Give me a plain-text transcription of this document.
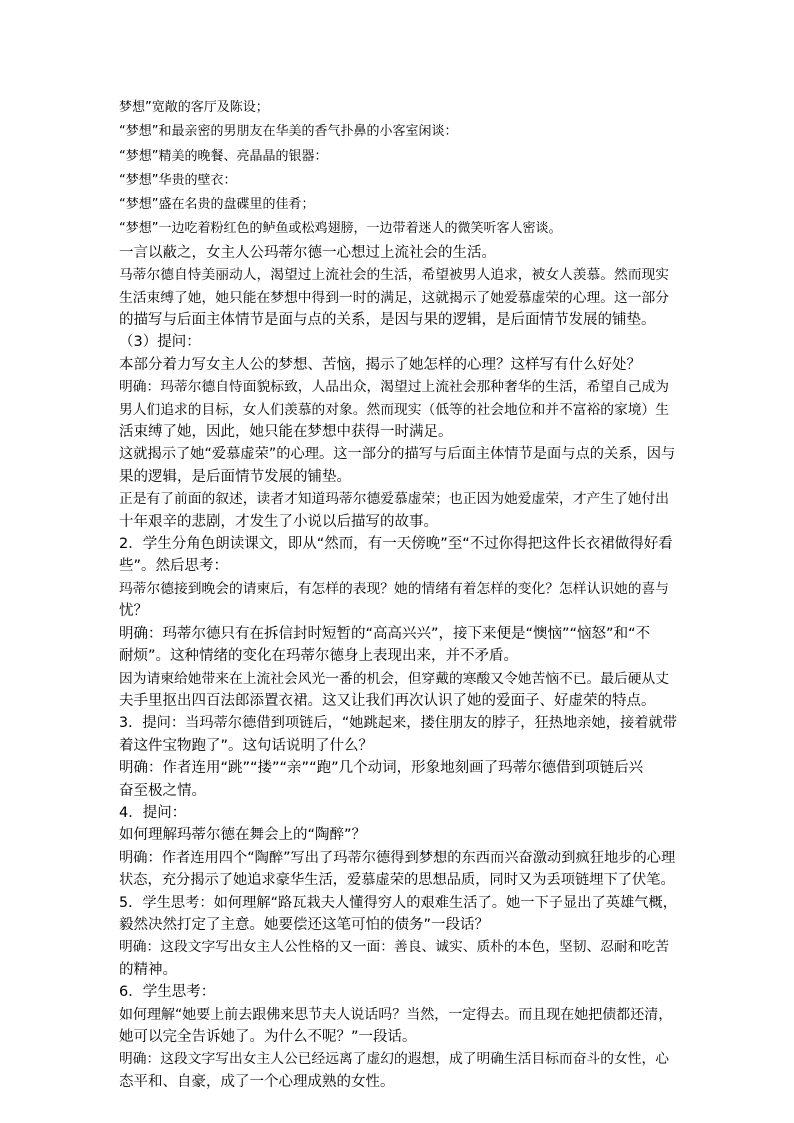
梦想”宽敞的客厅及陈设；
“梦想”和最亲密的男朋友在华美的香气扑鼻的小客室闲谈：
“梦想”精美的晚餐、亮晶晶的银器：
“梦想”华贵的壁衣：
“梦想”盛在名贵的盘碟里的佳肴；
“梦想”一边吃着粉红色的鲈鱼或松鸡翅膀，一边带着迷人的微笑听客人密谈。
一言以蔽之，女主人公玛蒂尔德一心想过上流社会的生活。
马蒂尔德自恃美丽动人，渴望过上流社会的生活，希望被男人追求，被女人羡慕。然而现实
生活束缚了她，她只能在梦想中得到一时的满足，这就揭示了她爱慕虚荣的心理。这一部分
的描写与后面主体情节是面与点的关系，是因与果的逻辑，是后面情节发展的铺垫。
（3）提问：
本部分着力写女主人公的梦想、苦恼，揭示了她怎样的心理？这样写有什么好处？
明确：玛蒂尔德自恃面貌标致，人品出众，渴望过上流社会那种奢华的生活，希望自己成为
男人们追求的目标，女人们羡慕的对象。然而现实（低等的社会地位和并不富裕的家境）生
活束缚了她，因此，她只能在梦想中获得一时满足。
这就揭示了她“爱慕虚荣”的心理。这一部分的描写与后面主体情节是面与点的关系，因与
果的逻辑，是后面情节发展的铺垫。
正是有了前面的叙述，读者才知道玛蒂尔德爱慕虚荣；也正因为她爱虚荣，才产生了她付出
十年艰辛的悲剧，才发生了小说以后描写的故事。
2．学生分角色朗读课文，即从“然而，有一天傍晚”至“不过你得把这件长衣裙做得好看
些”。然后思考：
玛蒂尔德接到晚会的请柬后，有怎样的表现？她的情绪有着怎样的变化？怎样认识她的喜与
忧？
明确：玛蒂尔德只有在拆信封时短暂的“高高兴兴”，接下来便是“懊恼”“恼怒”和“不
耐烦”。这种情绪的变化在玛蒂尔德身上表现出来，并不矛盾。
因为请柬给她带来在上流社会风光一番的机会，但穿戴的寒酸又令她苦恼不已。最后硬从丈
夫手里抠出四百法郎添置衣裙。这又让我们再次认识了她的爱面子、好虚荣的特点。
3．提问：当玛蒂尔德借到项链后，“她跳起来，搂住朋友的脖子，狂热地亲她，接着就带
着这件宝物跑了”。这句话说明了什么？
明确：作者连用“跳”“搂”“亲”“跑”几个动词，形象地刻画了玛蒂尔德借到项链后兴
奋至极之情。
4．提问：
如何理解玛蒂尔德在舞会上的“陶醉”？
明确：作者连用四个“陶醉”写出了玛蒂尔德得到梦想的东西而兴奋激动到疯狂地步的心理
状态，充分揭示了她追求豪华生活，爱慕虚荣的思想品质，同时又为丢项链埋下了伏笔。
5．学生思考：如何理解“路瓦栽夫人懂得穷人的艰难生活了。她一下子显出了英雄气概，
毅然决然打定了主意。她要偿还这笔可怕的债务”一段话？
明确：这段文字写出女主人公性格的又一面：善良、诚实、质朴的本色，坚韧、忍耐和吃苦
的精神。
6．学生思考：
如何理解“她要上前去跟佛来思节夫人说话吗？当然，一定得去。而且现在她把债都还清，
她可以完全告诉她了。为什么不呢？”一段话。
明确：这段文字写出女主人公已经远离了虚幻的遐想，成了明确生活目标而奋斗的女性，心
态平和、自豪，成了一个心理成熟的女性。
